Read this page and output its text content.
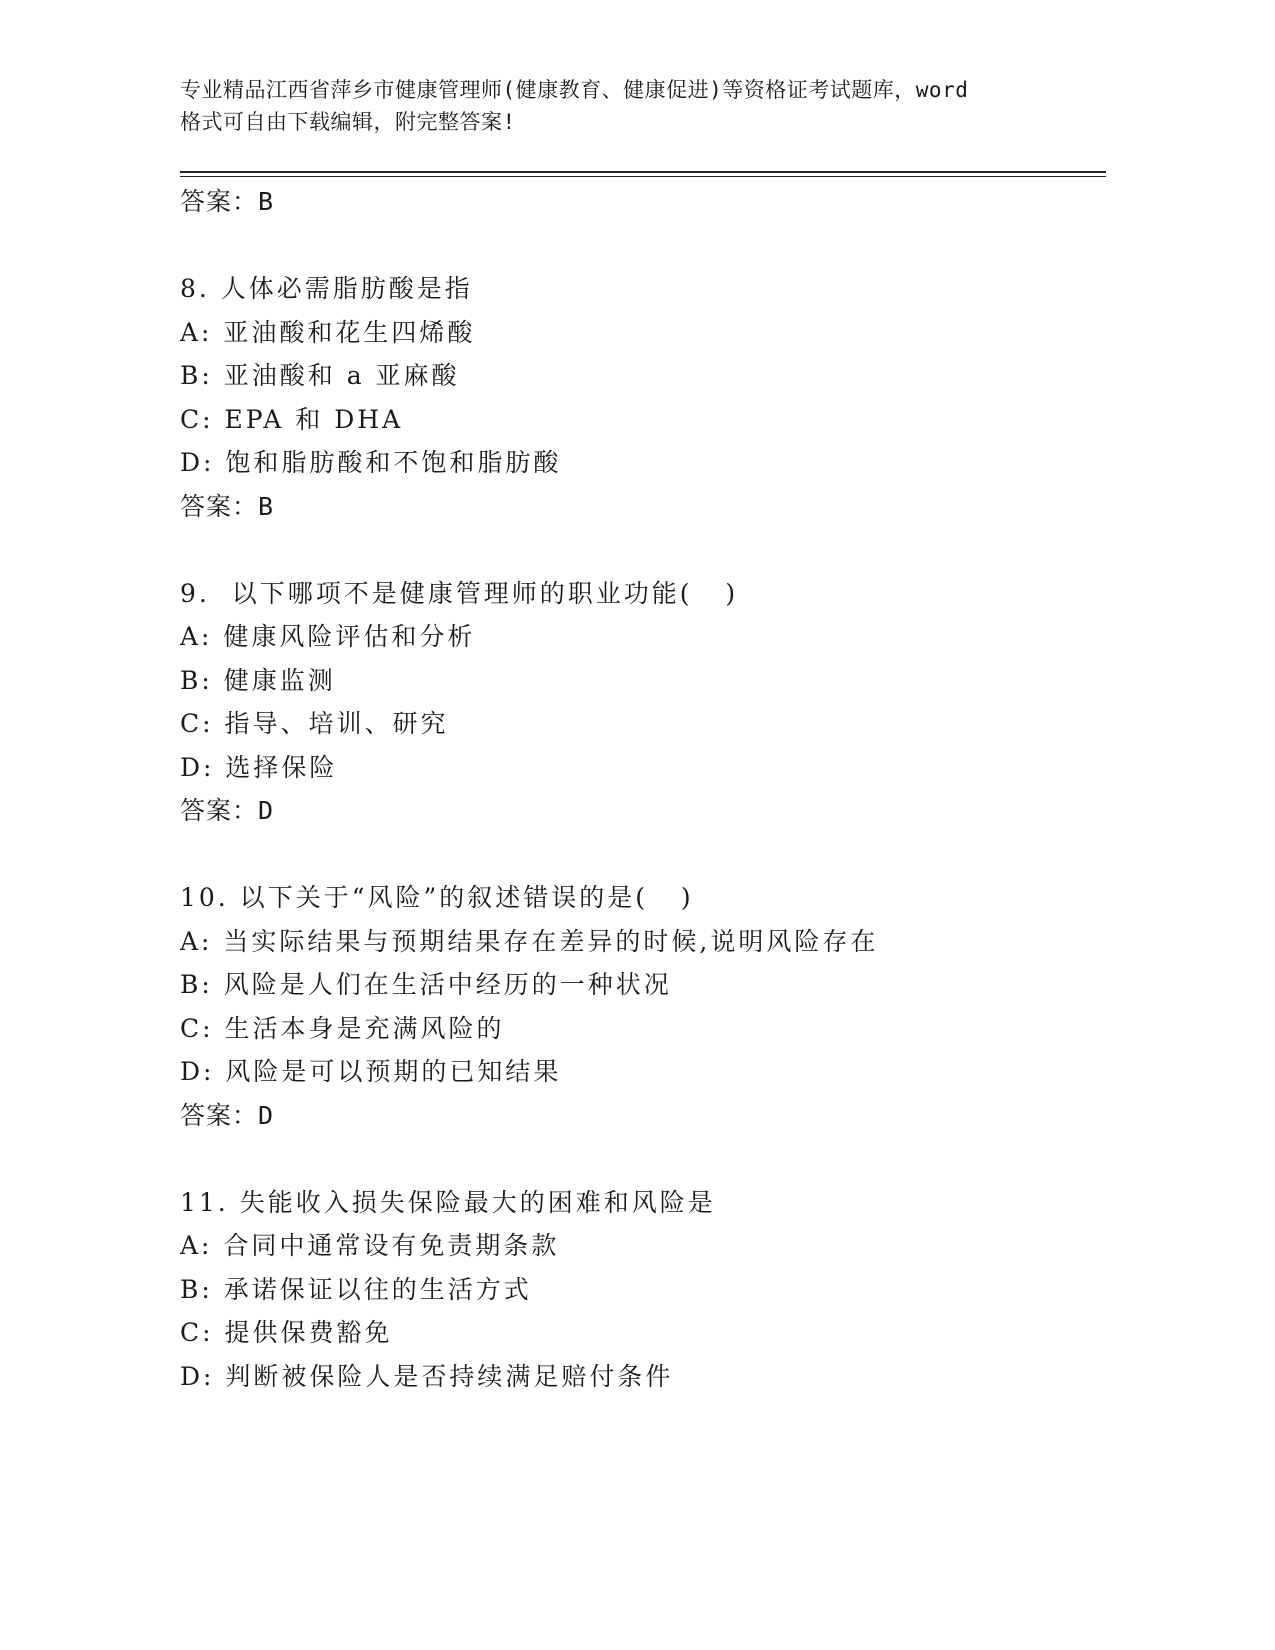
专业精品江西省萍乡市健康管理师(健康教育、健康促进)等资格证考试题库，word
格式可自由下载编辑，附完整答案!
答案：B
8. 人体必需脂肪酸是指
A: 亚油酸和花生四烯酸
B: 亚油酸和 a 亚麻酸
C: EPA 和 DHA
D: 饱和脂肪酸和不饱和脂肪酸
答案：B
9.  以下哪项不是健康管理师的职业功能(   )
A: 健康风险评估和分析
B: 健康监测
C: 指导、培训、研究
D: 选择保险
答案：D
10. 以下关于“风险”的叙述错误的是(   )
A: 当实际结果与预期结果存在差异的时候,说明风险存在
B: 风险是人们在生活中经历的一种状况
C: 生活本身是充满风险的
D: 风险是可以预期的已知结果
答案：D
11. 失能收入损失保险最大的困难和风险是
A: 合同中通常设有免责期条款
B: 承诺保证以往的生活方式
C: 提供保费豁免
D: 判断被保险人是否持续满足赔付条件
